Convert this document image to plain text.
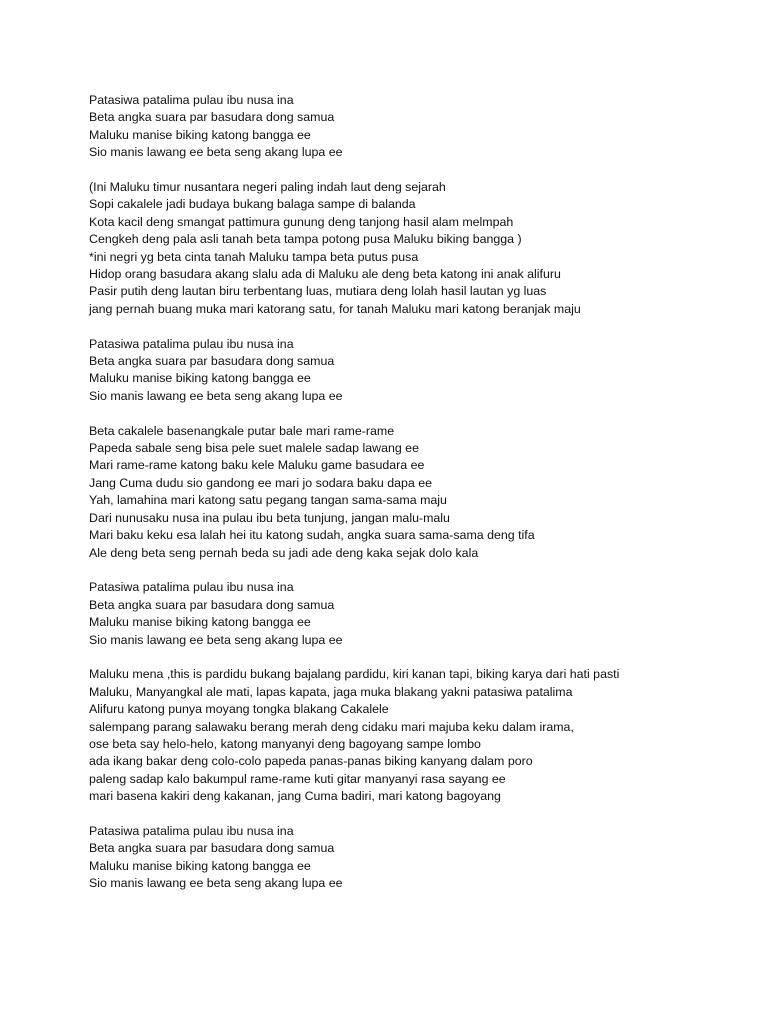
Patasiwa patalima pulau ibu nusa ina
Beta angka suara par basudara dong samua
Maluku manise biking katong bangga ee
Sio manis lawang ee beta seng akang lupa ee
(Ini Maluku timur nusantara negeri paling indah laut deng sejarah
Sopi cakalele jadi budaya bukang balaga sampe di balanda
Kota kacil deng smangat pattimura gunung deng tanjong hasil alam melmpah
Cengkeh deng pala asli tanah beta tampa potong pusa Maluku biking bangga )
*ini negri yg beta cinta tanah Maluku tampa beta putus pusa
Hidop orang basudara akang slalu ada di Maluku ale deng beta katong ini anak alifuru
Pasir putih deng lautan biru terbentang luas, mutiara deng lolah hasil lautan yg luas
jang pernah buang muka mari katorang satu, for tanah Maluku mari katong beranjak maju
Patasiwa patalima pulau ibu nusa ina
Beta angka suara par basudara dong samua
Maluku manise biking katong bangga ee
Sio manis lawang ee beta seng akang lupa ee
Beta cakalele basenangkale putar bale mari rame-rame
Papeda sabale seng bisa pele suet malele sadap lawang ee
Mari rame-rame katong baku kele Maluku game basudara ee
Jang Cuma dudu sio gandong ee mari jo sodara baku dapa ee
Yah, lamahina mari katong satu pegang tangan sama-sama maju
Dari nunusaku nusa ina pulau ibu beta tunjung, jangan malu-malu
Mari baku keku esa lalah hei itu katong sudah, angka suara sama-sama deng tifa
Ale deng beta seng pernah beda su jadi ade deng kaka sejak dolo kala
Patasiwa patalima pulau ibu nusa ina
Beta angka suara par basudara dong samua
Maluku manise biking katong bangga ee
Sio manis lawang ee beta seng akang lupa ee
Maluku mena ,this is pardidu bukang bajalang pardidu, kiri kanan tapi, biking karya dari hati pasti
Maluku, Manyangkal ale mati, lapas kapata, jaga muka blakang yakni patasiwa patalima
Alifuru katong punya moyang tongka blakang Cakalele
salempang parang salawaku berang merah deng cidaku mari majuba keku dalam irama,
ose beta say helo-helo, katong manyanyi deng bagoyang sampe lombo
ada ikang bakar deng colo-colo papeda panas-panas biking kanyang dalam poro
paleng sadap kalo bakumpul rame-rame kuti gitar manyanyi rasa sayang ee
mari basena kakiri deng kakanan, jang Cuma badiri, mari katong bagoyang
Patasiwa patalima pulau ibu nusa ina
Beta angka suara par basudara dong samua
Maluku manise biking katong bangga ee
Sio manis lawang ee beta seng akang lupa ee
